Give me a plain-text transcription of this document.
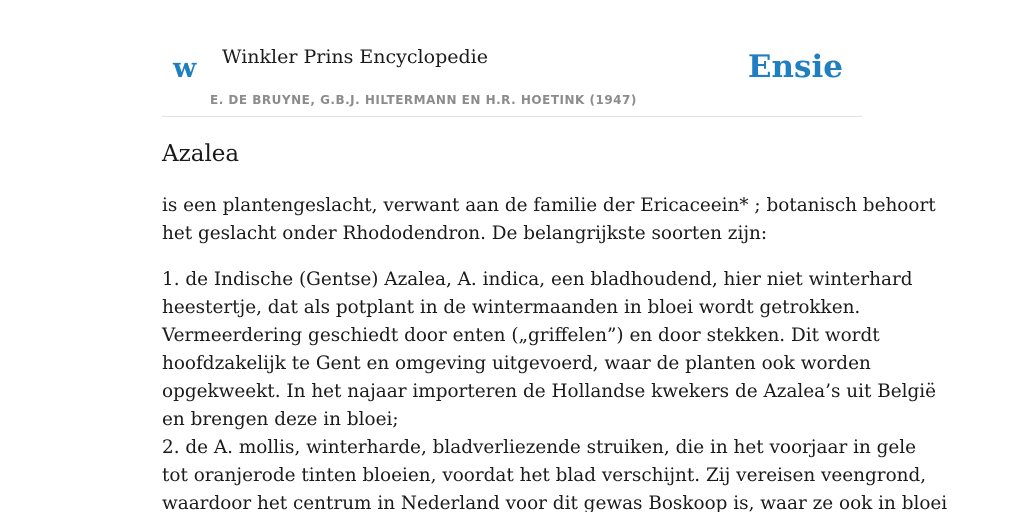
w Winkler Prins Encyclopedie
E. DE BRUYNE, G.B.J. HILTERMANN EN H.R. HOETINK (1947)
Ensie
Azalea

is een plantengeslacht, verwant aan de familie der Ericaceein* ; botanisch behoort
het geslacht onder Rhododendron. De belangrijkste soorten zijn:

1. de Indische (Gentse) Azalea, A. indica, een bladhoudend, hier niet winterhard
heestertje, dat als potplant in de wintermaanden in bloei wordt getrokken.
Vermeerdering geschiedt door enten („griffelen”) en door stekken. Dit wordt
hoofdzakelijk te Gent en omgeving uitgevoerd, waar de planten ook worden
opgekweekt. In het najaar importeren de Hollandse kwekers de Azalea’s uit België
en brengen deze in bloei;
2. de A. mollis, winterharde, bladverliezende struiken, die in het voorjaar in gele
tot oranjerode tinten bloeien, voordat het blad verschijnt. Zij vereisen veengrond,
waardoor het centrum in Nederland voor dit gewas Boskoop is, waar ze ook in bloei
